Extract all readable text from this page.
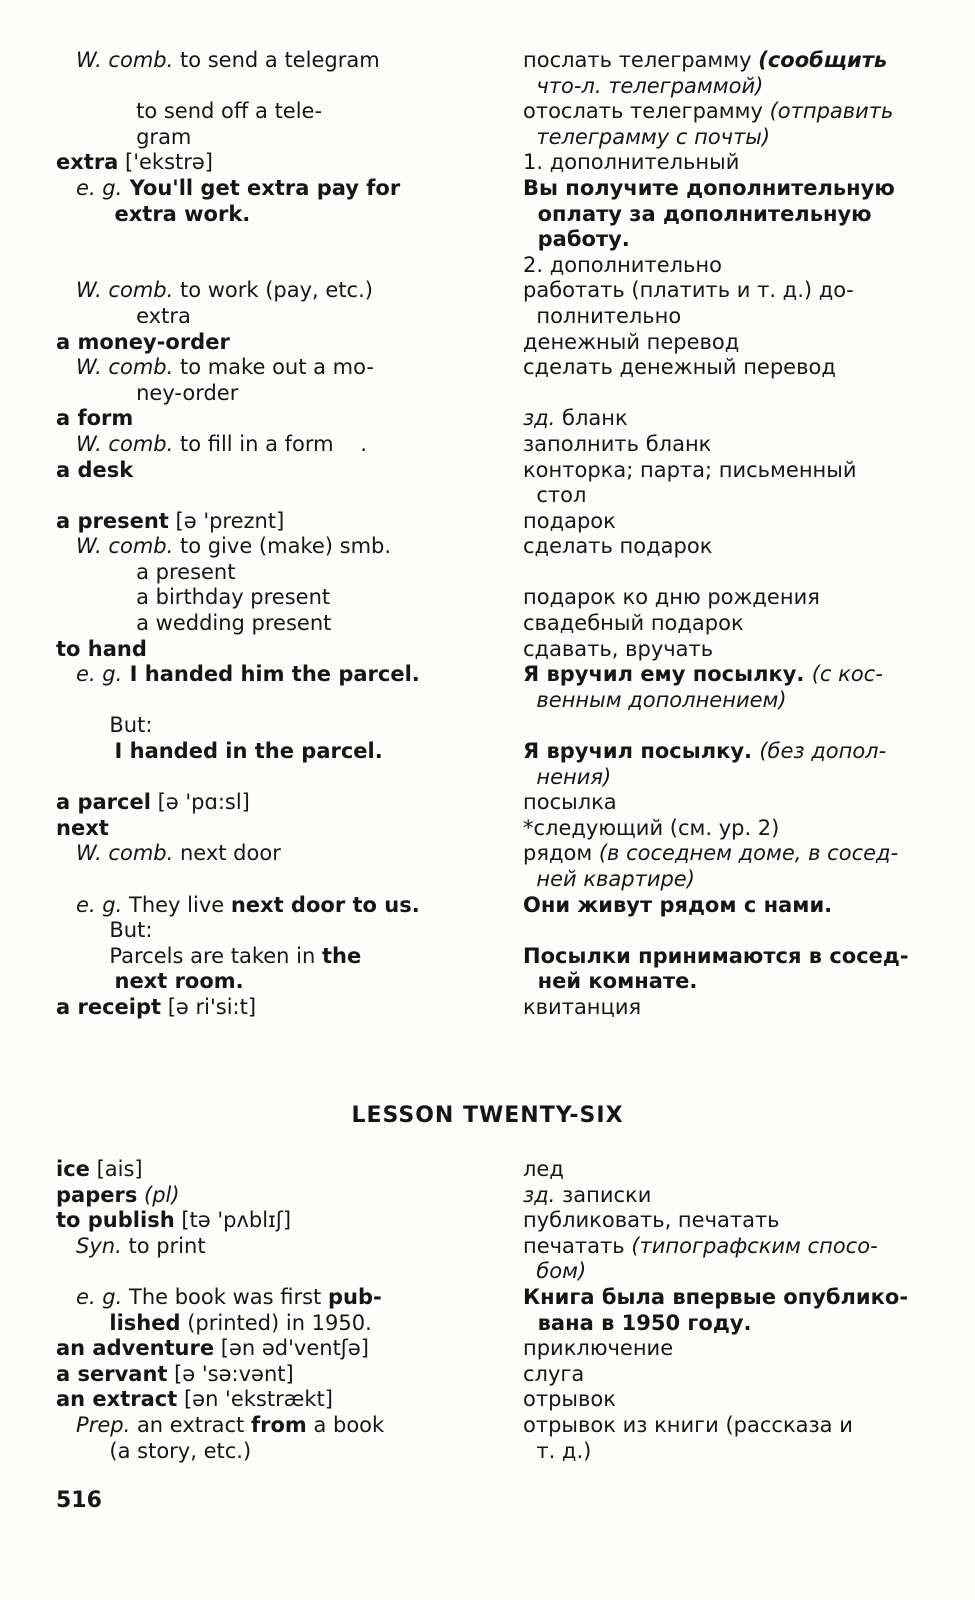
W. comb. to send a telegram

to send off a tele-
gram
extra ['ekstrə]
e. g. You'll get extra pay for
extra work.

W. comb. to work (pay, etc.)
extra
a money-order
W. comb. to make out a mo-
ney-order
a form
W. comb. to fill in a form    .
a desk

a present [ə 'preznt]
W. comb. to give (make) smb.
a present
a birthday present
a wedding present
to hand
e. g. I handed him the parcel.

But:
I handed in the parcel.

a parcel [ə 'pɑ:sl]
next
W. comb. next door

e. g. They live next door to us.
But:
Parcels are taken in the
next room.
a receipt [ə ri'si:t]
послать телеграмму (сообщить
что-л. телеграммой)
отослать телеграмму (отправить
телеграмму с почты)
1. дополнительный
Вы получите дополнительную
оплату за дополнительную
работу.
2. дополнительно
работать (платить и т. д.) до-
полнительно
денежный перевод
сделать денежный перевод

зд. бланк
заполнить бланк
конторка; парта; письменный
стол
подарок
сделать подарок

подарок ко дню рождения
свадебный подарок
сдавать, вручать
Я вручил ему посылку. (с кос-
венным дополнением)

Я вручил посылку. (без допол-
нения)
посылка
*следующий (см. ур. 2)
рядом (в соседнем доме, в сосед-
ней квартире)
Они живут рядом с нами.

Посылки принимаются в сосед-
ней комнате.
квитанция
LESSON TWENTY-SIX
ice [ais]
papers (pl)
to publish [tə 'pʌblɪʃ]
Syn. to print

e. g. The book was first pub-
lished (printed) in 1950.
an adventure [ən əd'ventʃə]
a servant [ə 'sə:vənt]
an extract [ən 'ekstrækt]
Prep. an extract from a book
(a story, etc.)
лед
зд. записки
публиковать, печатать
печатать (типографским спосо-
бом)
Книга была впервые опублико-
вана в 1950 году.
приключение
слуга
отрывок
отрывок из книги (рассказа и
т. д.)
516
